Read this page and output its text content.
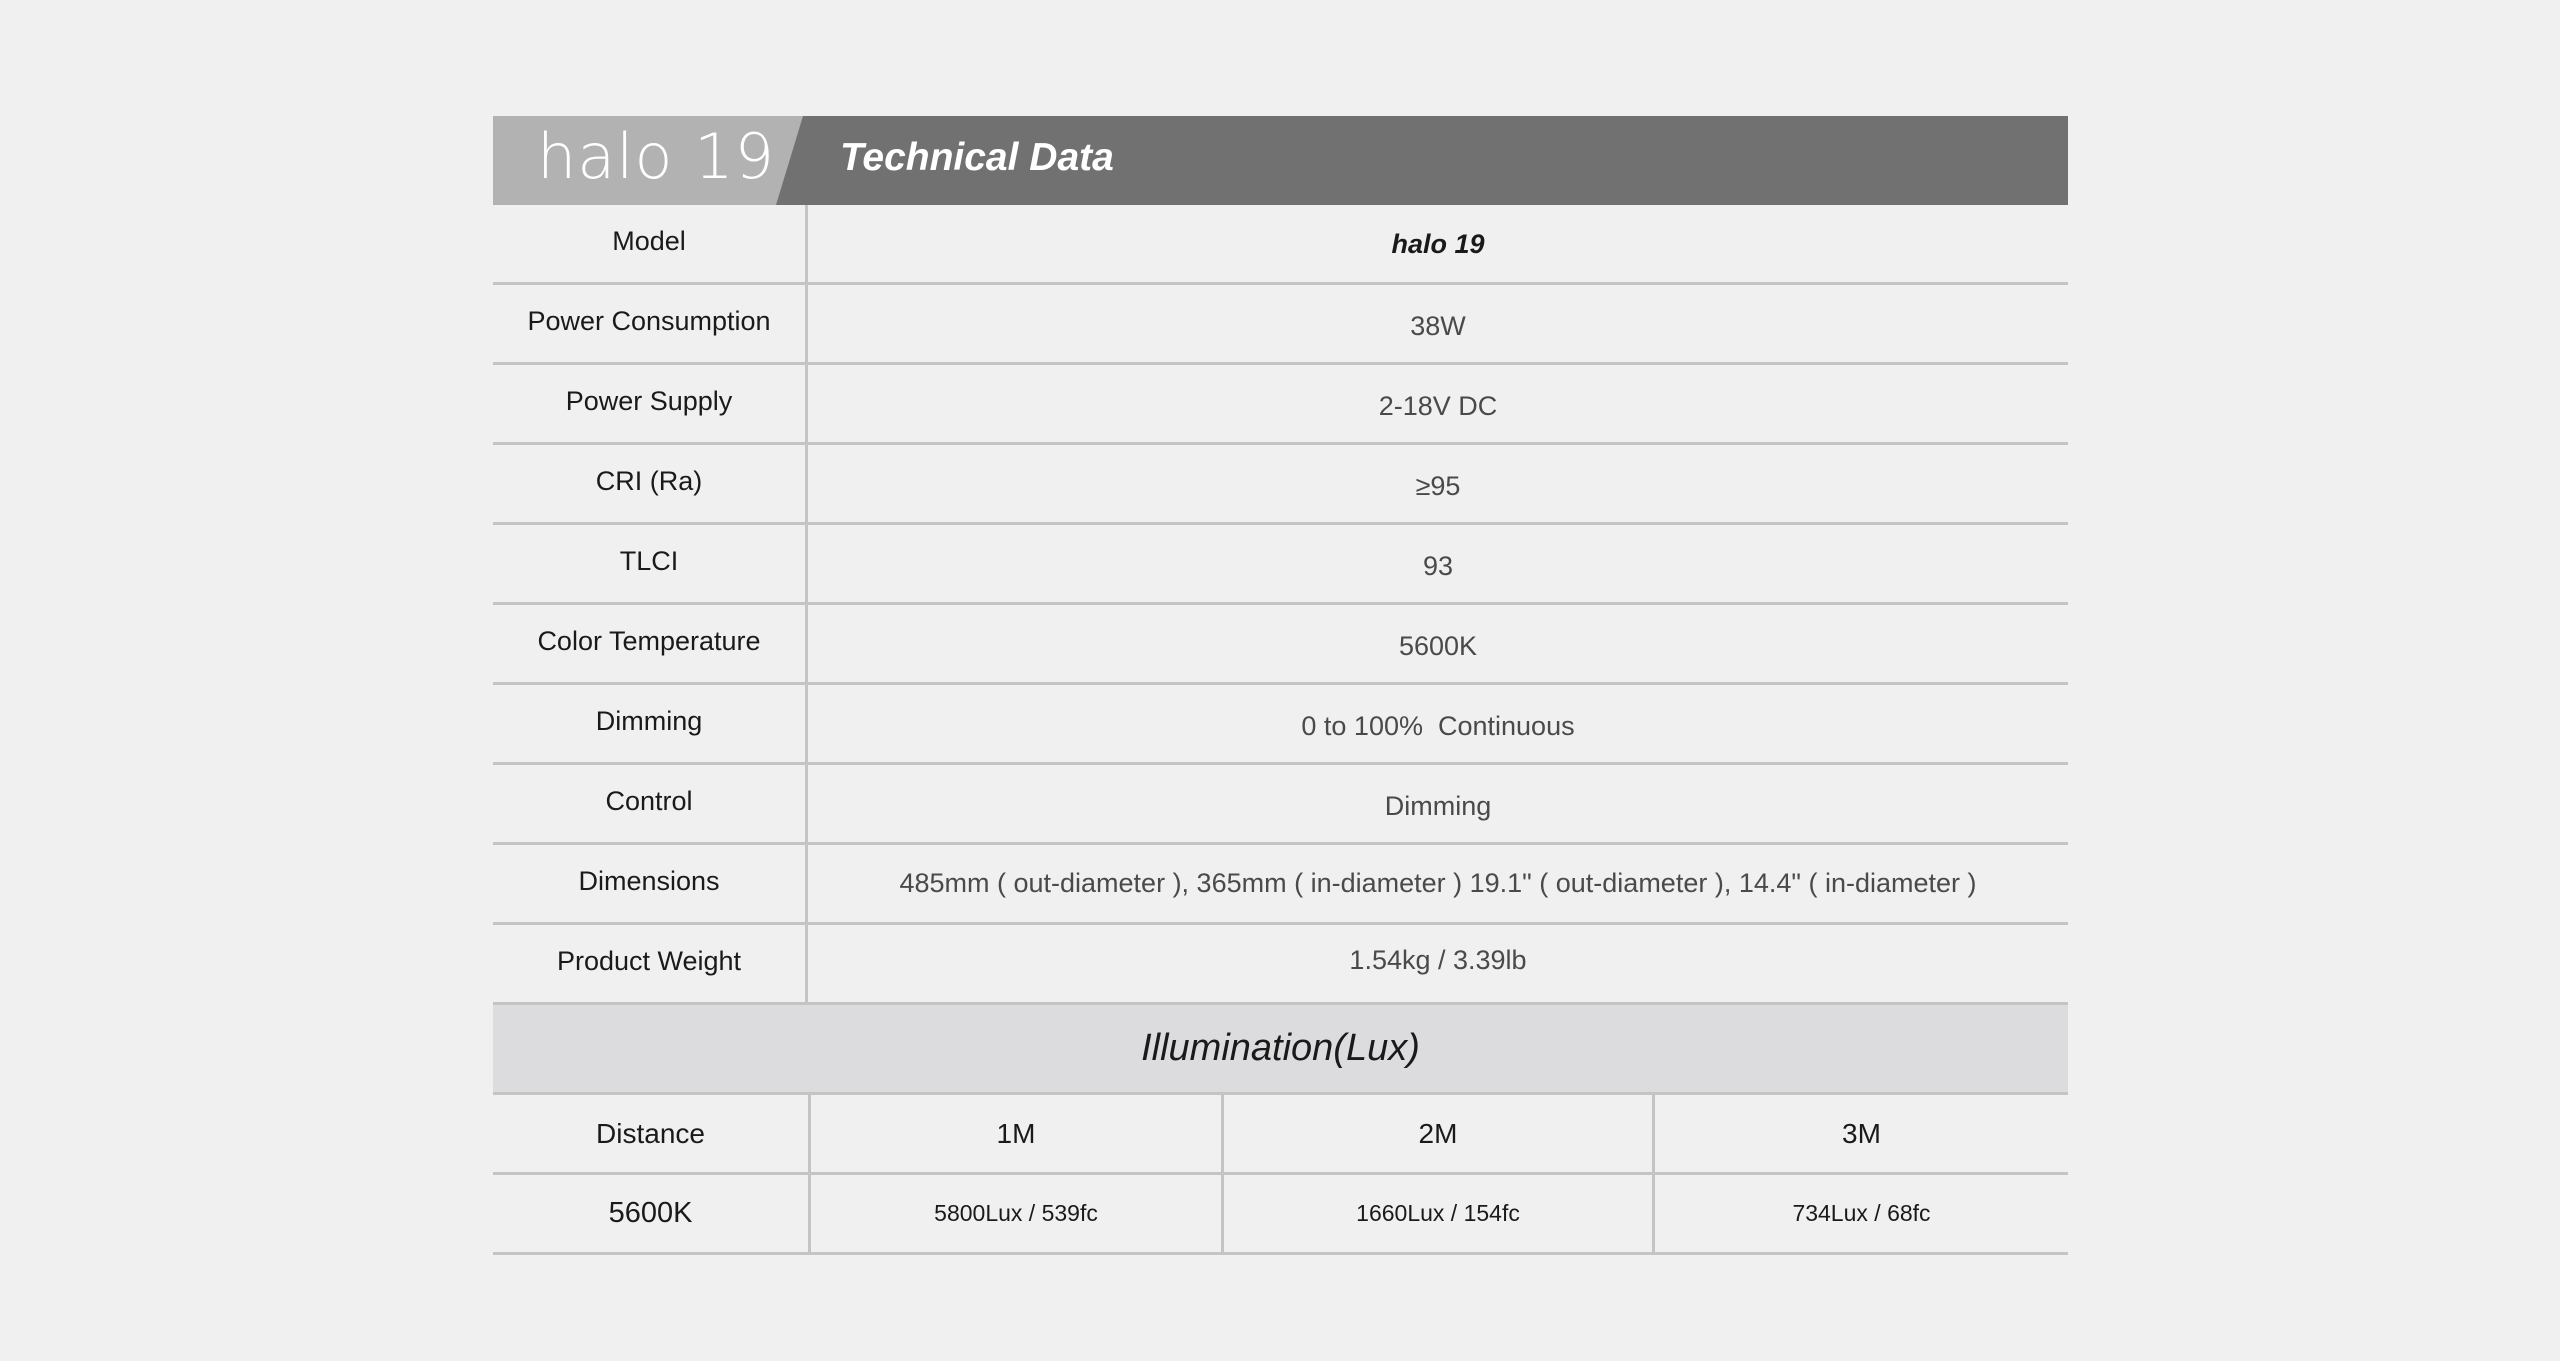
halo 19 Technical Data
Model	halo 19
Power Consumption	38W
Power Supply	2-18V DC
CRI (Ra)	≥95
TLCI	93
Color Temperature	5600K
Dimming	0 to 100%  Continuous
Control	Dimming
Dimensions	485mm ( out-diameter ), 365mm ( in-diameter ) 19.1" ( out-diameter ), 14.4" ( in-diameter )
Product Weight	1.54kg / 3.39lb
Illumination(Lux)
Distance	1M	2M	3M
5600K	5800Lux / 539fc	1660Lux / 154fc	734Lux / 68fc
